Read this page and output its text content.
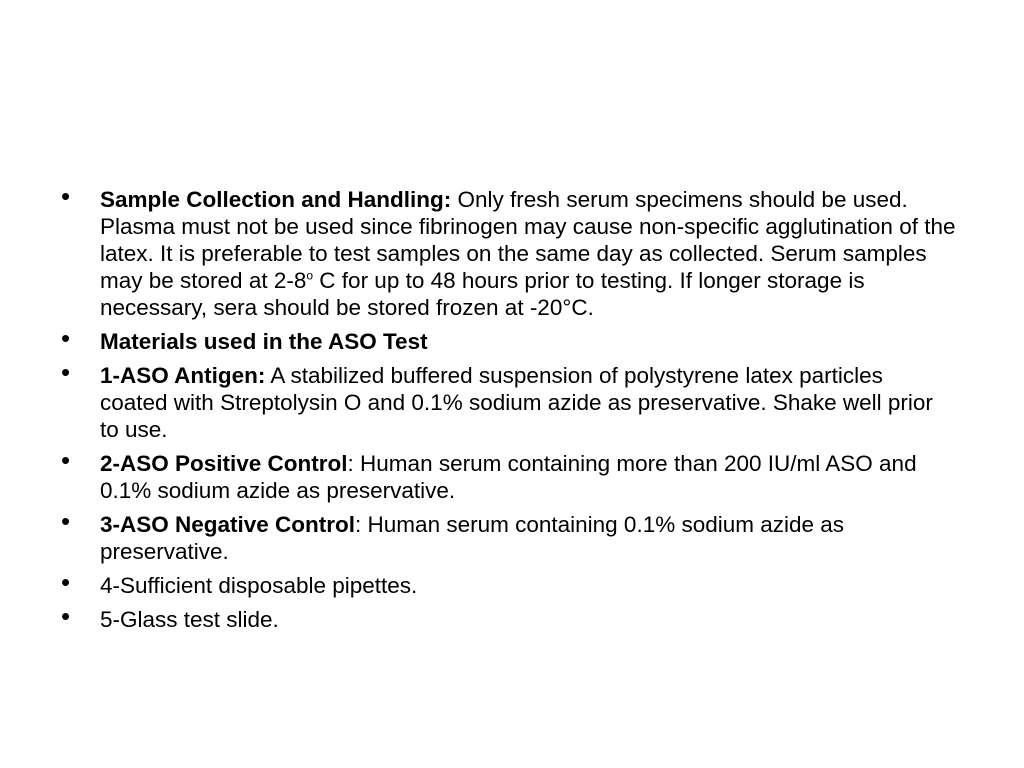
• Sample Collection and Handling: Only fresh serum specimens should be used. Plasma must not be used since fibrinogen may cause non-specific agglutination of the latex. It is preferable to test samples on the same day as collected. Serum samples may be stored at 2-8$^o$ C for up to 48 hours prior to testing. If longer storage is necessary, sera should be stored frozen at -20°C.
• Materials used in the ASO Test
• 1-ASO Antigen: A stabilized buffered suspension of polystyrene latex particles coated with Streptolysin O and 0.1% sodium azide as preservative. Shake well prior to use.
• 2-ASO Positive Control: Human serum containing more than 200 IU/ml ASO and 0.1% sodium azide as preservative.
• 3-ASO Negative Control: Human serum containing 0.1% sodium azide as preservative.
• 4-Sufficient disposable pipettes.
• 5-Glass test slide.
